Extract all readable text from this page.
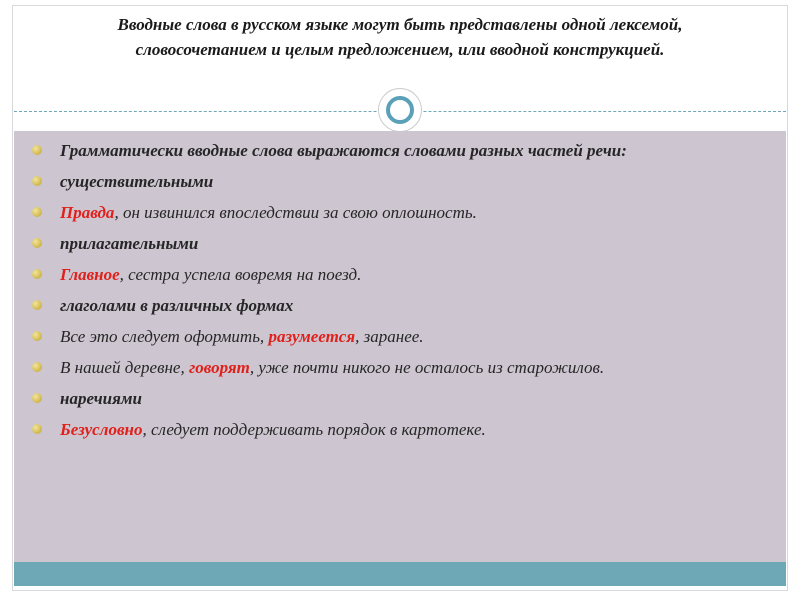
Вводные слова в русском языке могут быть представлены одной лексемой, словосочетанием и целым предложением, или вводной конструкцией.

Грамматически вводные слова выражаются словами разных частей речи:
существительными
Правда, он извинился впоследствии за свою оплошность.
прилагательными
Главное, сестра успела вовремя на поезд.
глаголами в различных формах
Все это следует оформить, разумеется, заранее.
В нашей деревне, говорят, уже почти никого не осталось из старожилов.
наречиями
Безусловно, следует поддерживать порядок в картотеке.
